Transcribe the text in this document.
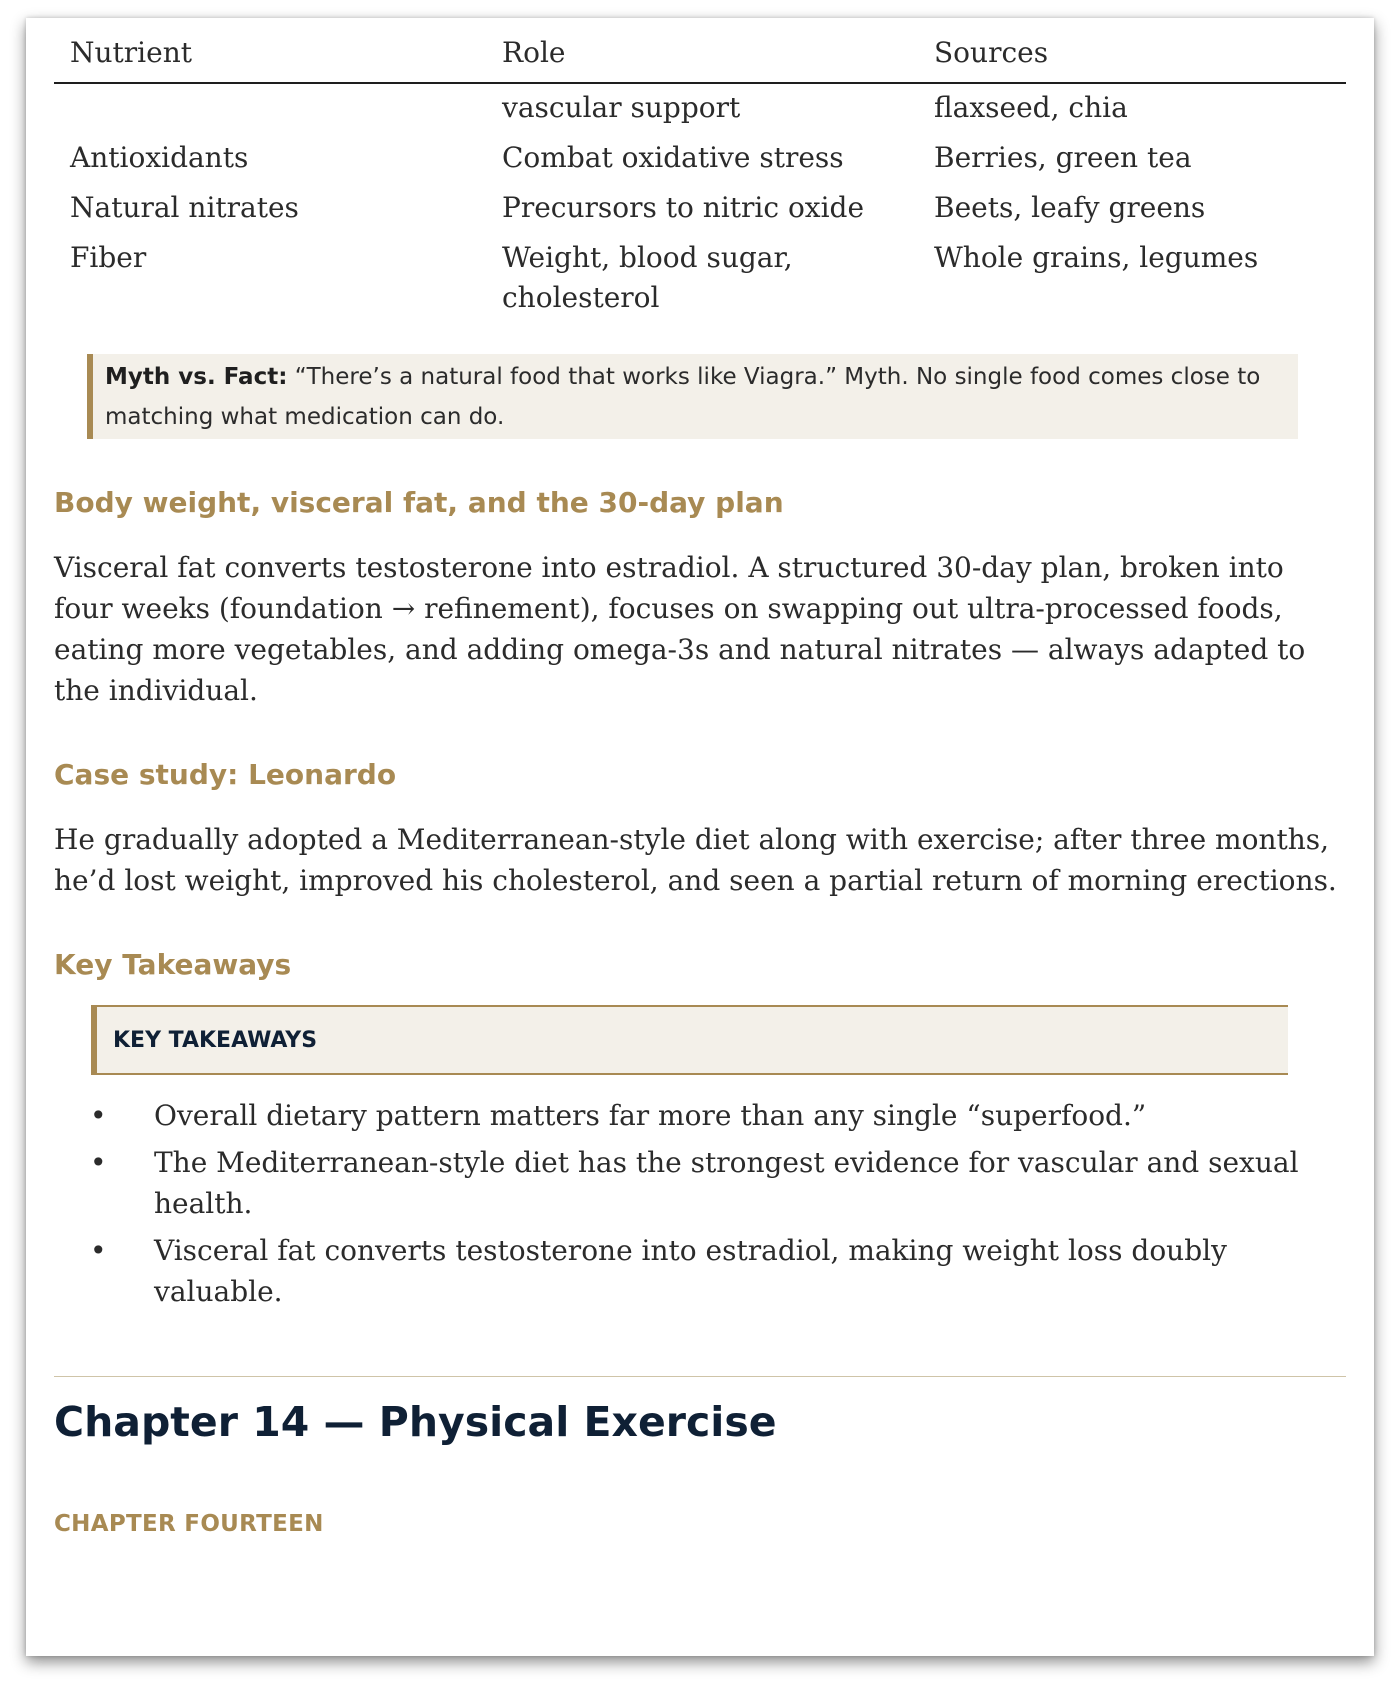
Nutrient	Role	Sources
	vascular support	flaxseed, chia
Antioxidants	Combat oxidative stress	Berries, green tea
Natural nitrates	Precursors to nitric oxide	Beets, leafy greens
Fiber	Weight, blood sugar, cholesterol	Whole grains, legumes
Myth vs. Fact: “There’s a natural food that works like Viagra.” Myth. No single food comes close to matching what medication can do.
Body weight, visceral fat, and the 30-day plan

Visceral fat converts testosterone into estradiol. A structured 30-day plan, broken into four weeks (foundation → refinement), focuses on swapping out ultra-processed foods, eating more vegetables, and adding omega-3s and natural nitrates — always adapted to the individual.

Case study: Leonardo

He gradually adopted a Mediterranean-style diet along with exercise; after three months, he’d lost weight, improved his cholesterol, and seen a partial return of morning erections.

Key Takeaways
KEY TAKEAWAYS
• Overall dietary pattern matters far more than any single “superfood.”
• The Mediterranean-style diet has the strongest evidence for vascular and sexual health.
• Visceral fat converts testosterone into estradiol, making weight loss doubly valuable.
Chapter 14 — Physical Exercise
CHAPTER FOURTEEN
